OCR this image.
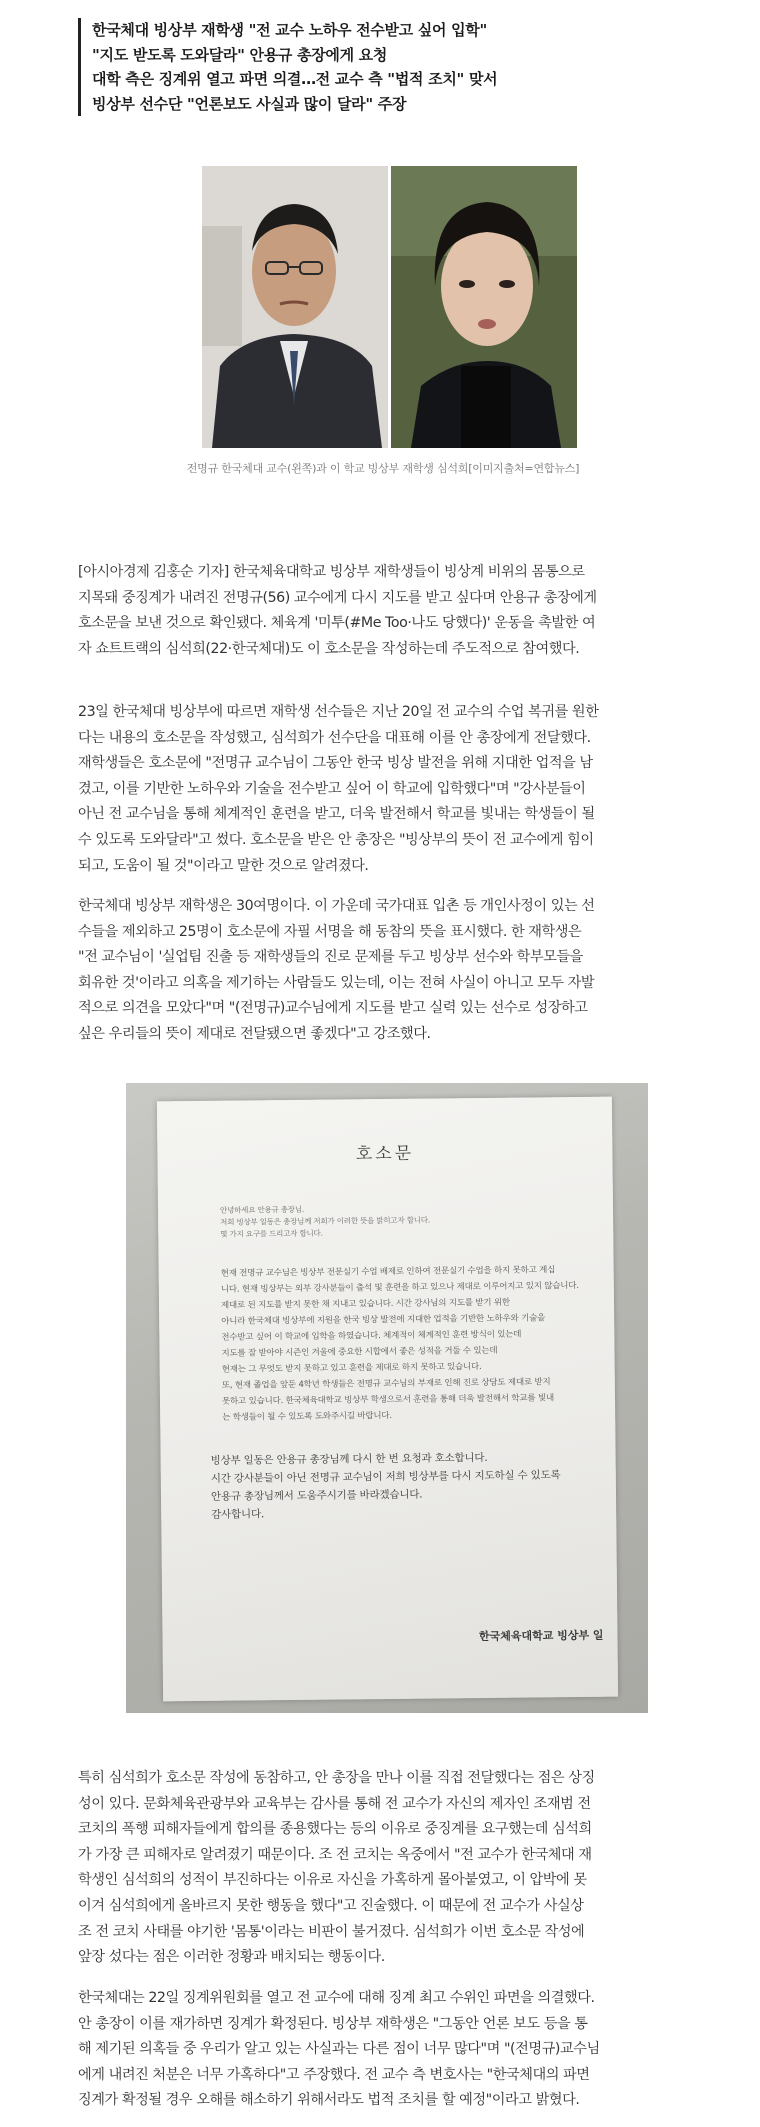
한국체대 빙상부 재학생 "전 교수 노하우 전수받고 싶어 입학"
"지도 받도록 도와달라" 안용규 총장에게 요청
대학 측은 징계위 열고 파면 의결…전 교수 측 "법적 조치" 맞서
빙상부 선수단 "언론보도 사실과 많이 달라" 주장
전명규 한국체대 교수(왼쪽)과 이 학교 빙상부 재학생 심석희[이미지출처=연합뉴스]
[아시아경제 김홍순 기자] 한국체육대학교 빙상부 재학생들이 빙상계 비위의 몸통으로
지목돼 중징계가 내려진 전명규(56) 교수에게 다시 지도를 받고 싶다며 안용규 총장에게
호소문을 보낸 것으로 확인됐다. 체육계 '미투(#Me Too·나도 당했다)' 운동을 촉발한 여
자 쇼트트랙의 심석희(22·한국체대)도 이 호소문을 작성하는데 주도적으로 참여했다.
23일 한국체대 빙상부에 따르면 재학생 선수들은 지난 20일 전 교수의 수업 복귀를 원한
다는 내용의 호소문을 작성했고, 심석희가 선수단을 대표해 이를 안 총장에게 전달했다.
재학생들은 호소문에 "전명규 교수님이 그동안 한국 빙상 발전을 위해 지대한 업적을 남
겼고, 이를 기반한 노하우와 기술을 전수받고 싶어 이 학교에 입학했다"며 "강사분들이
아닌 전 교수님을 통해 체계적인 훈련을 받고, 더욱 발전해서 학교를 빛내는 학생들이 될
수 있도록 도와달라"고 썼다. 호소문을 받은 안 총장은 "빙상부의 뜻이 전 교수에게 힘이
되고, 도움이 될 것"이라고 말한 것으로 알려졌다.
한국체대 빙상부 재학생은 30여명이다. 이 가운데 국가대표 입촌 등 개인사정이 있는 선
수들을 제외하고 25명이 호소문에 자필 서명을 해 동참의 뜻을 표시했다. 한 재학생은
"전 교수님이 '실업팀 진출 등 재학생들의 진로 문제를 두고 빙상부 선수와 학부모들을
회유한 것'이라고 의혹을 제기하는 사람들도 있는데, 이는 전혀 사실이 아니고 모두 자발
적으로 의견을 모았다"며 "(전명규)교수님에게 지도를 받고 실력 있는 선수로 성장하고
싶은 우리들의 뜻이 제대로 전달됐으면 좋겠다"고 강조했다.
호소문
안녕하세요 안용규 총장님.
저희 빙상부 일동은 총장님께 저희가 이러한 뜻을 밝히고자 합니다.
몇 가지 요구를 드리고자 합니다.
현재 전명규 교수님은 빙상부 전문실기 수업 배제로 인하여 전문실기 수업을 하지 못하고 계십
니다. 현재 빙상부는 외부 강사분들이 출석 및 훈련을 하고 있으나 제대로 이루어지고 있지 않습니다.
제대로 된 지도를 받지 못한 채 지내고 있습니다. 시간 강사님의 지도를 받기 위한
아니라 한국체대 빙상부에 지원을 한국 빙상 발전에 지대한 업적을 기반한 노하우와 기술을
전수받고 싶어 이 학교에 입학을 하였습니다. 체계적이 체계적인 훈련 방식이 있는데
지도를 잘 받아야 시즌인 겨울에 중요한 시합에서 좋은 성적을 거둘 수 있는데
현재는 그 무엇도 받지 못하고 있고 훈련을 제대로 하지 못하고 있습니다.
또, 현재 졸업을 앞둔 4학년 학생들은 전명규 교수님의 부재로 인해 진로 상담도 제대로 받지
못하고 있습니다. 한국체육대학교 빙상부 학생으로서 훈련을 통해 더욱 발전해서 학교를 빛내
는 학생들이 될 수 있도록 도와주시길 바랍니다.
빙상부 일동은 안용규 총장님께 다시 한 번 요청과 호소합니다.
시간 강사분들이 아닌 전명규 교수님이 저희 빙상부를 다시 지도하실 수 있도록
안용규 총장님께서 도움주시기를 바라겠습니다.
감사합니다.
한국체육대학교 빙상부 일
특히 심석희가 호소문 작성에 동참하고, 안 총장을 만나 이를 직접 전달했다는 점은 상징
성이 있다. 문화체육관광부와 교육부는 감사를 통해 전 교수가 자신의 제자인 조재범 전
코치의 폭행 피해자들에게 합의를 종용했다는 등의 이유로 중징계를 요구했는데 심석희
가 가장 큰 피해자로 알려졌기 때문이다. 조 전 코치는 옥중에서 "전 교수가 한국체대 재
학생인 심석희의 성적이 부진하다는 이유로 자신을 가혹하게 몰아붙였고, 이 압박에 못
이겨 심석희에게 올바르지 못한 행동을 했다"고 진술했다. 이 때문에 전 교수가 사실상
조 전 코치 사태를 야기한 '몸통'이라는 비판이 불거졌다. 심석희가 이번 호소문 작성에
앞장 섰다는 점은 이러한 정황과 배치되는 행동이다.
한국체대는 22일 징계위원회를 열고 전 교수에 대해 징계 최고 수위인 파면을 의결했다.
안 총장이 이를 재가하면 징계가 확정된다. 빙상부 재학생은 "그동안 언론 보도 등을 통
해 제기된 의혹들 중 우리가 알고 있는 사실과는 다른 점이 너무 많다"며 "(전명규)교수님
에게 내려진 처분은 너무 가혹하다"고 주장했다. 전 교수 측 변호사는 "한국체대의 파면
징계가 확정될 경우 오해를 해소하기 위해서라도 법적 조치를 할 예정"이라고 밝혔다.
